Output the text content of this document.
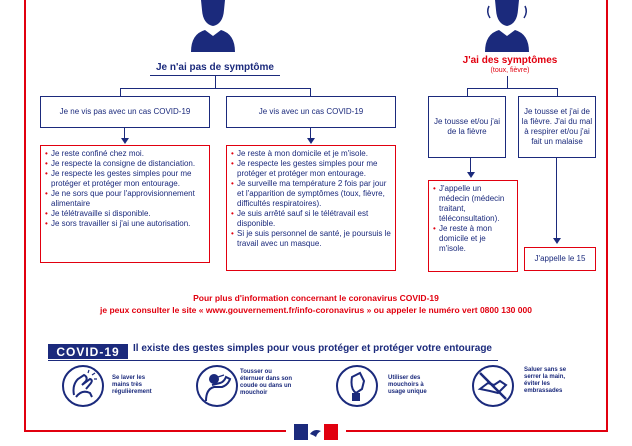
Je n'ai pas de symptôme
J'ai des symptômes
(toux, fièvre)
Je ne vis pas avec un cas COVID-19	Je vis avec un cas COVID-19
Je tousse et/ou j'ai de la fièvre
Je tousse et j'ai de la fièvre. J'ai du mal à respirer et/ou j'ai fait un malaise
• Je reste confiné chez moi.
• Je respecte la consigne de distanciation.
• Je respecte les gestes simples pour me protéger et protéger mon entourage.
• Je ne sors que pour l'approvisionnement alimentaire
• Je télétravaille si disponible.
• Je sors travailler si j'ai une autorisation.
• Je reste à mon domicile et je m'isole.
• Je respecte les gestes simples pour me protéger et protéger mon entourage.
• Je surveille ma température 2 fois par jour et l'apparition de symptômes (toux, fièvre, difficultés respiratoires).
• Je suis arrêté sauf si le télétravail est disponible.
• Si je suis personnel de santé, je poursuis le travail avec un masque.
• J'appelle un médecin (médecin traitant, téléconsultation).
• Je reste à mon domicile et je m'isole.
J'appelle le 15
Pour plus d'information concernant le coronavirus COVID-19
je peux consulter le site « www.gouvernement.fr/info-coronavirus » ou appeler le numéro vert 0800 130 000
COVID-19	Il existe des gestes simples pour vous protéger et protéger votre entourage
Se laver les mains très régulièrement
Tousser ou éternuer dans son coude ou dans un mouchoir
Utiliser des mouchoirs à usage unique
Saluer sans se serrer la main, éviter les embrassades
